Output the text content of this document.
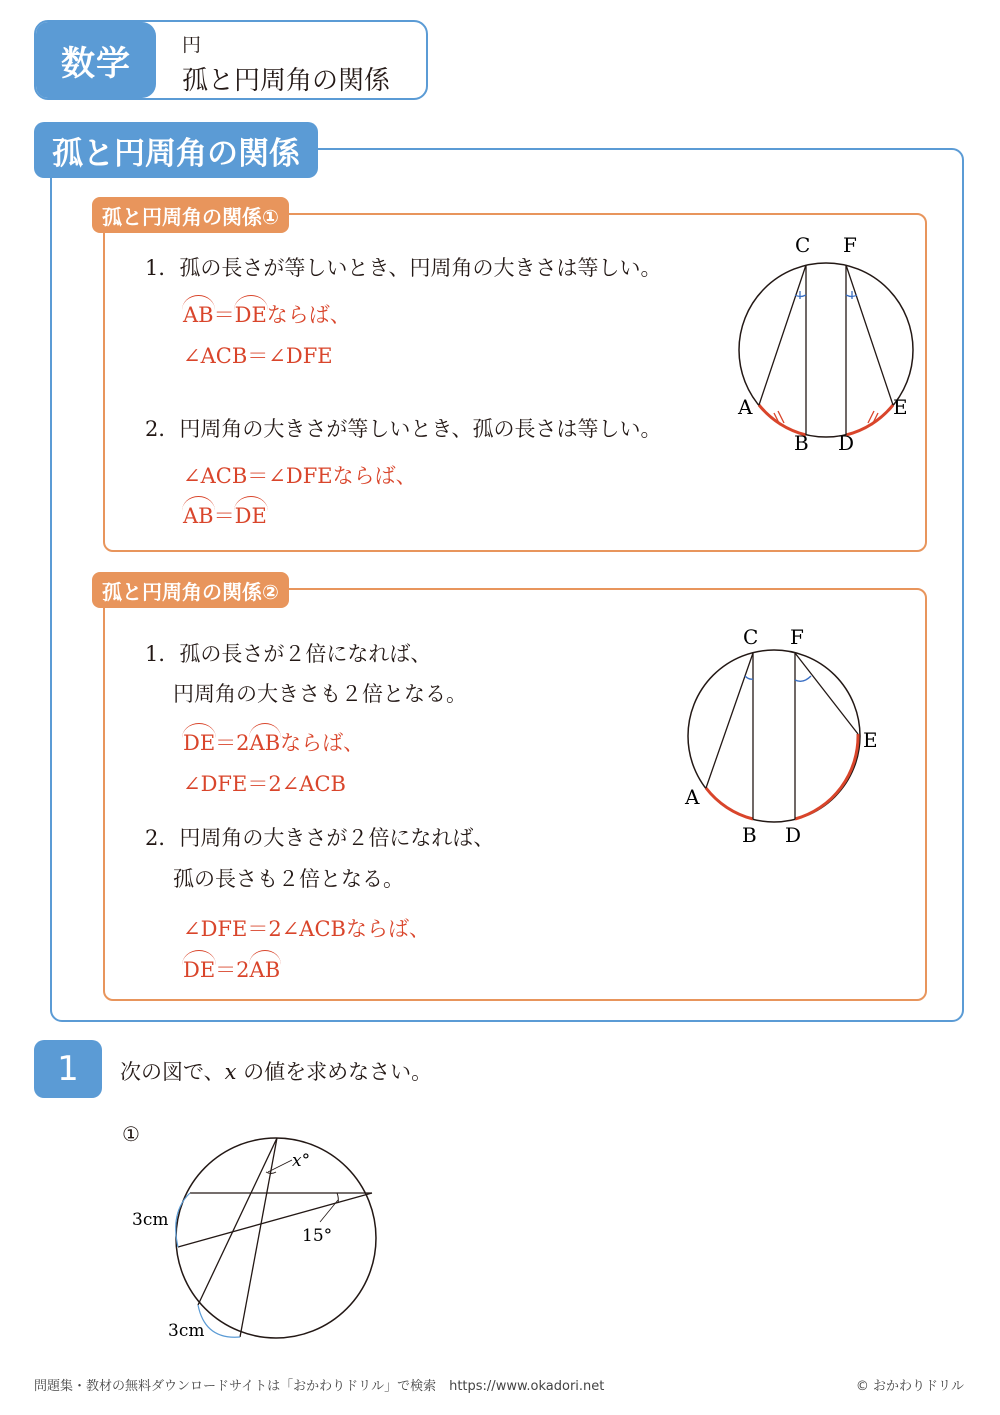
数学	円
孤と円周角の関係
孤と円周角の関係
孤と円周角の関係①
1．孤の長さが等しいとき、円周角の大きさは等しい。
AB＝DEならば、
∠ACB＝∠DFE
2．円周角の大きさが等しいとき、孤の長さは等しい。
∠ACB＝∠DFEならば、
AB＝DE
C F
A	E
B D
孤と円周角の関係②
1．孤の長さが２倍になれば、
円周角の大きさも２倍となる。
DE＝2ABならば、
∠DFE＝2∠ACB
2．円周角の大きさが２倍になれば、
孤の長さも２倍となる。
∠DFE＝2∠ACBならば、
DE＝2AB
C F
A
E
B D
1	次の図で、x の値を求めなさい。
①
x°
15°
3cm
3cm
問題集・教材の無料ダウンロードサイトは「おかわりドリル」で検索　https://www.okadori.net	© おかわりドリル
